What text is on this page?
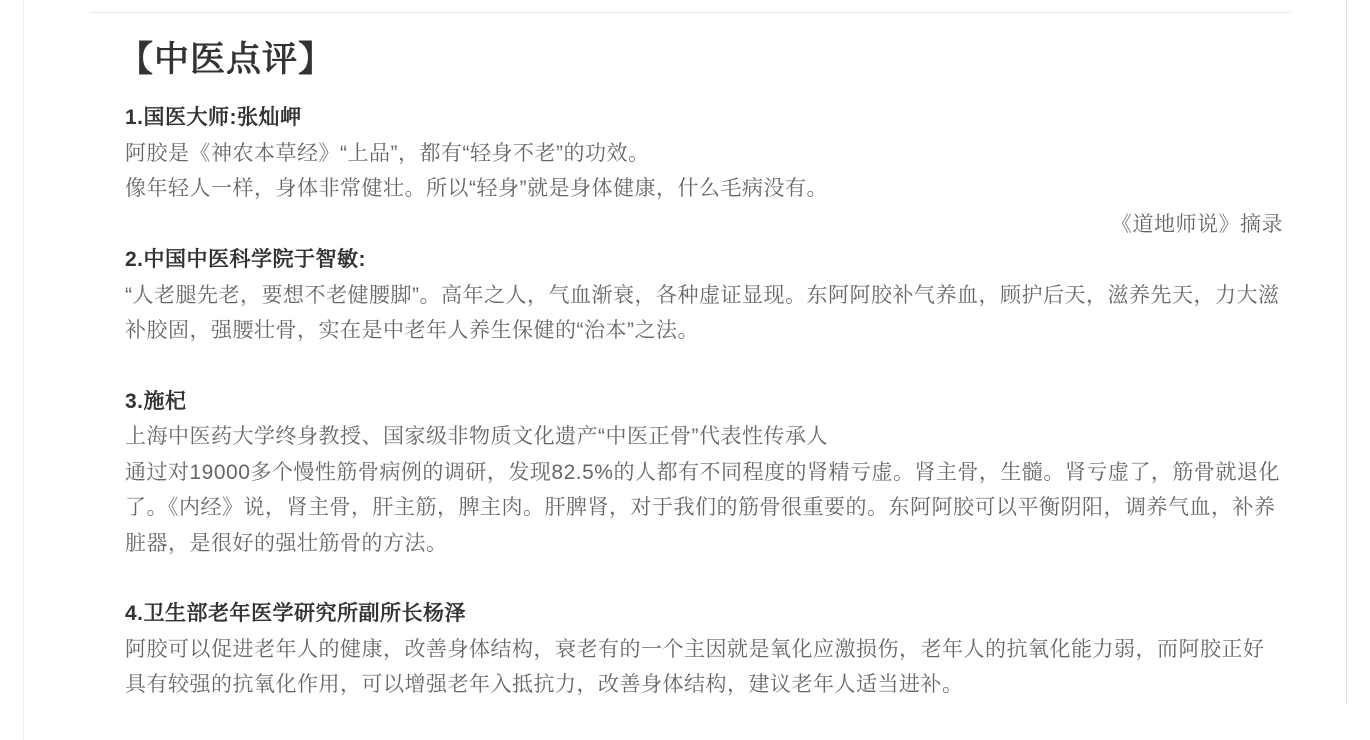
【中医点评】

1.国医大师:张灿岬

阿胶是《神农本草经》“上品”，都有“轻身不老”的功效。

像年轻人一样，身体非常健壮。所以“轻身”就是身体健康，什么毛病没有。

《道地师说》摘录

2.中国中医科学院于智敏:

“人老腿先老，要想不老健腰脚”。高年之人，气血渐衰，各种虚证显现。东阿阿胶补气养血，顾护后天，滋养先天，力大滋补胶固，强腰壮骨，实在是中老年人养生保健的“治本”之法。

3.施杞

上海中医药大学终身教授、国家级非物质文化遗产“中医正骨”代表性传承人

通过对19000多个慢性筋骨病例的调研，发现82.5%的人都有不同程度的肾精亏虚。肾主骨，生髓。肾亏虚了，筋骨就退化了。《内经》说，肾主骨，肝主筋，脾主肉。肝脾肾，对于我们的筋骨很重要的。东阿阿胶可以平衡阴阳，调养气血，补养脏器，是很好的强壮筋骨的方法。

4.卫生部老年医学研究所副所长杨泽

阿胶可以促进老年人的健康，改善身体结构，衰老有的一个主因就是氧化应激损伤，老年人的抗氧化能力弱，而阿胶正好具有较强的抗氧化作用，可以增强老年入抵抗力，改善身体结构，建议老年人适当进补。
